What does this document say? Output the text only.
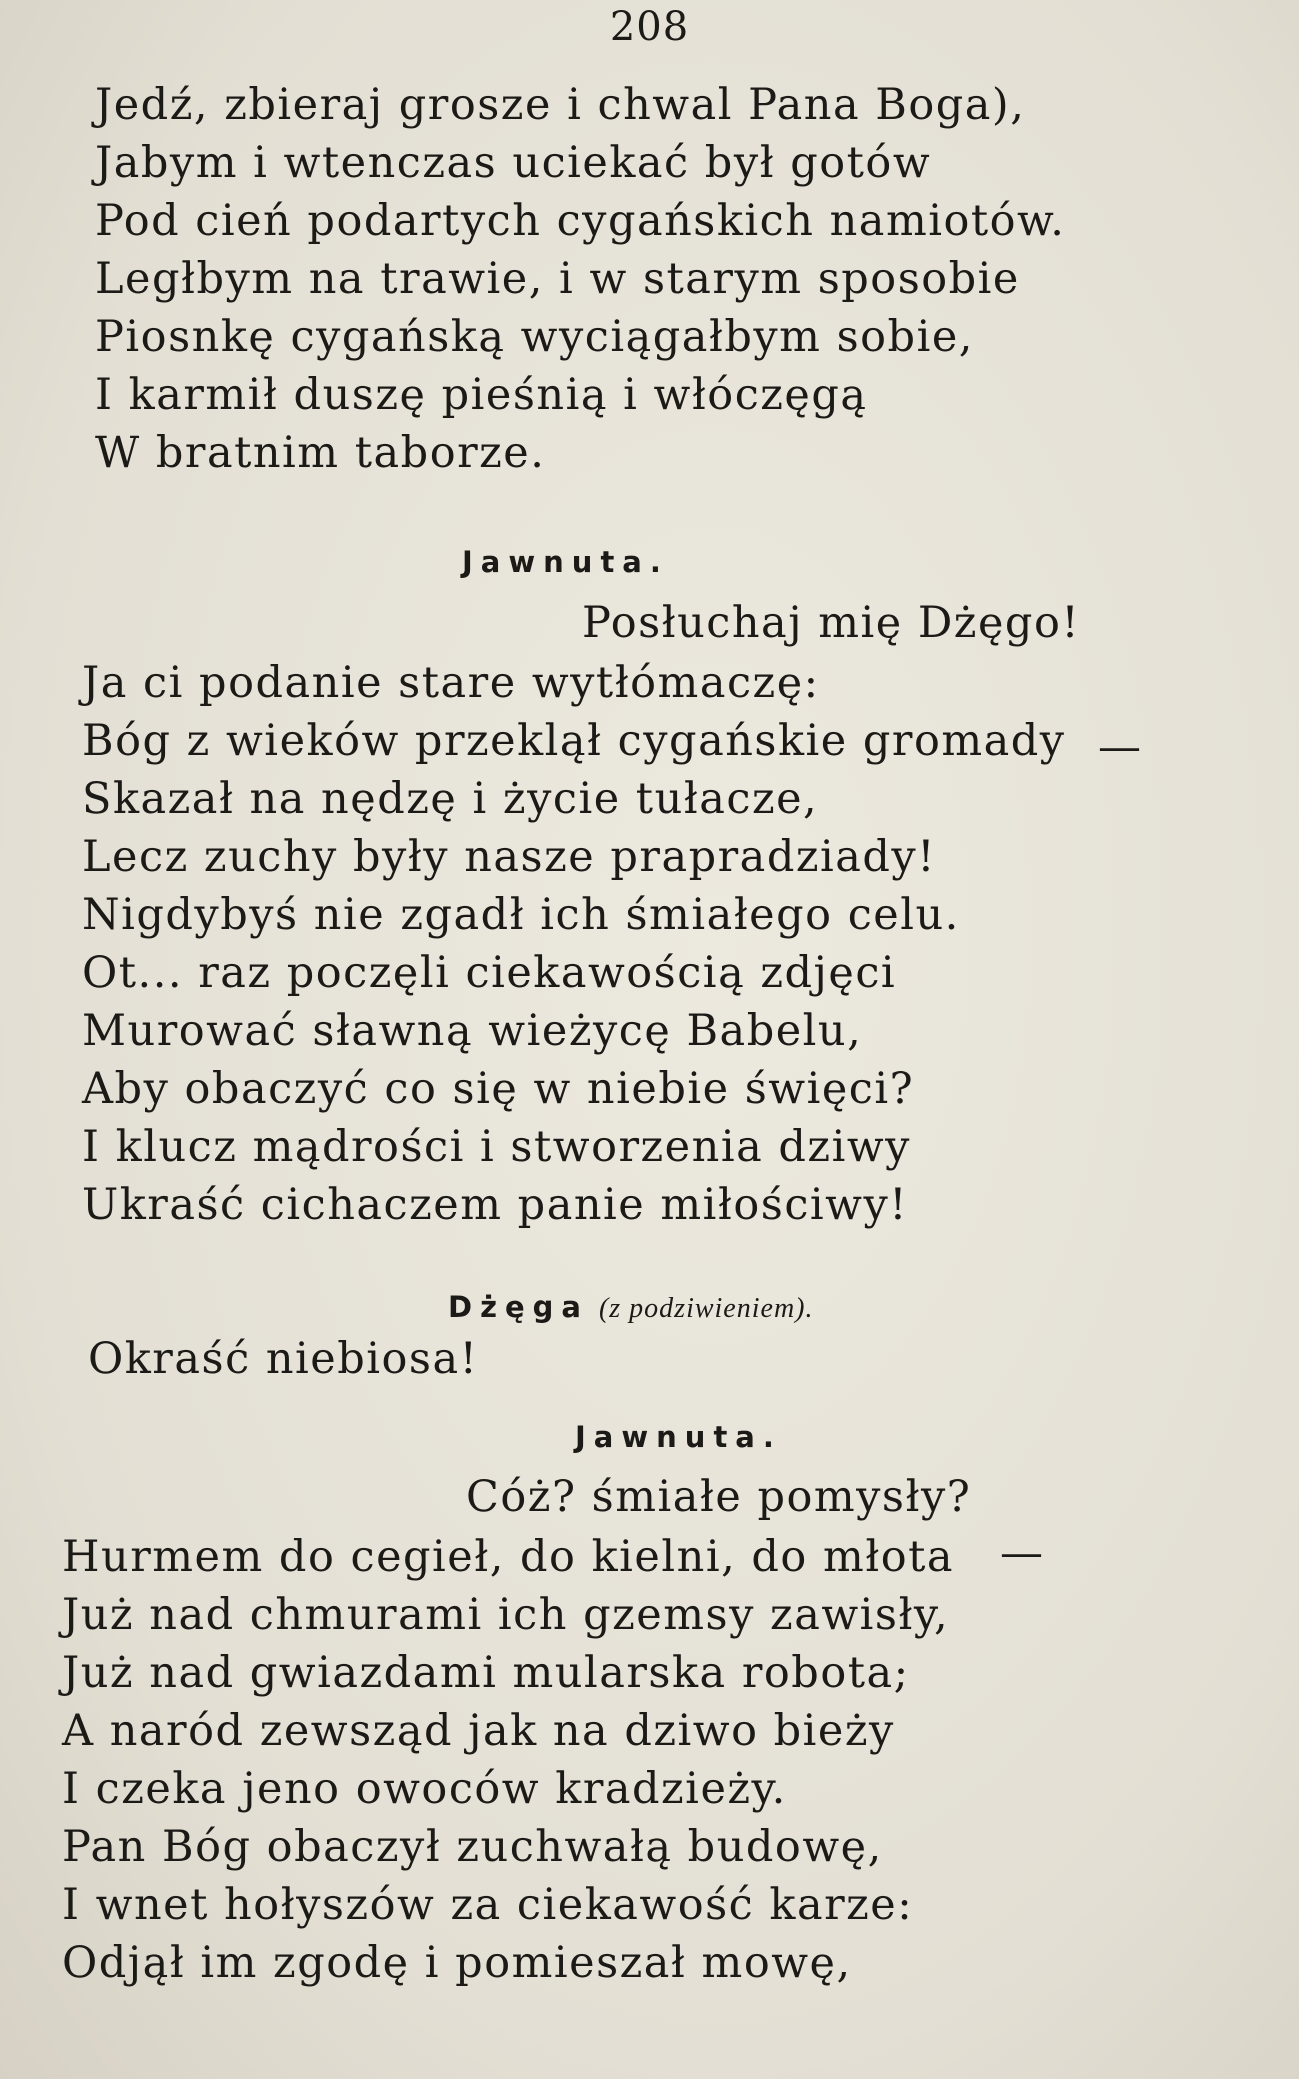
208
Jedź, zbieraj grosze i chwal Pana Boga),
Jabym i wtenczas uciekać był gotów
Pod cień podartych cygańskich namiotów.
Ległbym na trawie, i w starym sposobie
Piosnkę cygańską wyciągałbym sobie,
I karmił duszę pieśnią i włóczęgą
W bratnim taborze.
Jawnuta.
Posłuchaj mię Dżęgo!
Ja ci podanie stare wytłómaczę:
Bóg z wieków przeklął cygańskie gromady
Skazał na nędzę i życie tułacze,
Lecz zuchy były nasze prapradziady!
Nigdybyś nie zgadł ich śmiałego celu.
Ot... raz poczęli ciekawością zdjęci
Murować sławną wieżycę Babelu,
Aby obaczyć co się w niebie święci?
I klucz mądrości i stworzenia dziwy
Ukraść cichaczem panie miłościwy!
—
Dżęga (z podziwieniem).
Okraść niebiosa!
Jawnuta.
Cóż? śmiałe pomysły?
Hurmem do cegieł, do kielni, do młota
Już nad chmurami ich gzemsy zawisły,
Już nad gwiazdami mularska robota;
A naród zewsząd jak na dziwo bieży
I czeka jeno owoców kradzieży.
Pan Bóg obaczył zuchwałą budowę,
I wnet hołyszów za ciekawość karze:
Odjął im zgodę i pomieszał mowę,
—
